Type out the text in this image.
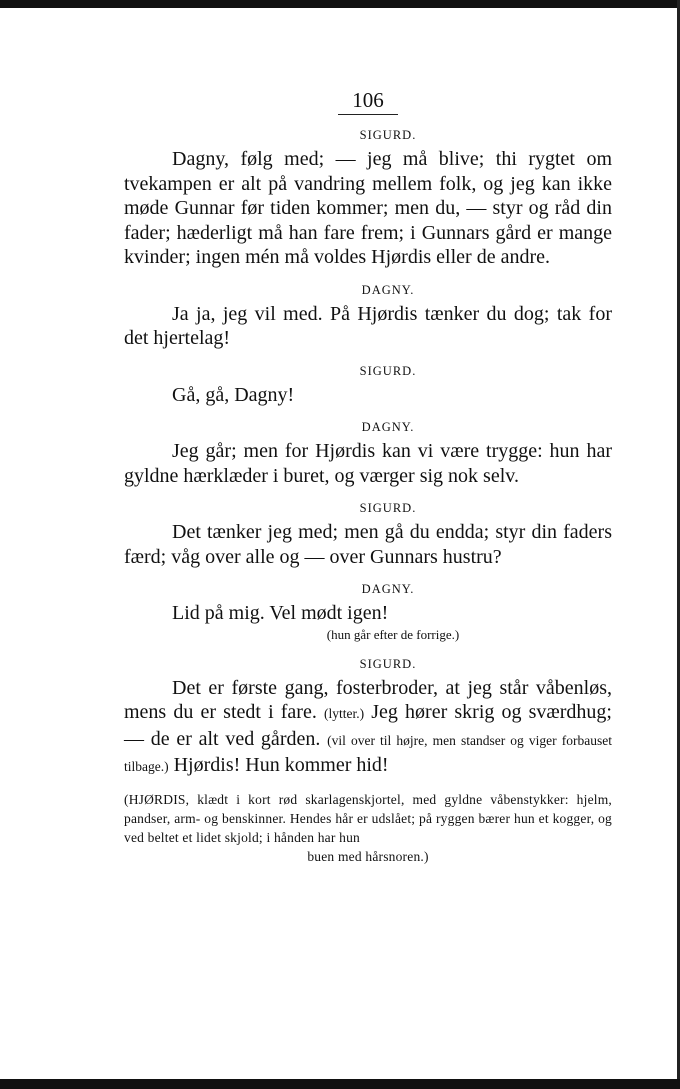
106
SIGURD.

Dagny, følg med; — jeg må blive; thi rygtet om tvekampen er alt på vandring mellem folk, og jeg kan ikke møde Gunnar før tiden kommer; men du, — styr og råd din fader; hæderligt må han fare frem; i Gunnars gård er mange kvinder; ingen mén må voldes Hjørdis eller de andre.

DAGNY.

Ja ja, jeg vil med. På Hjørdis tænker du dog; tak for det hjertelag!

SIGURD.

Gå, gå, Dagny!

DAGNY.

Jeg går; men for Hjørdis kan vi være trygge: hun har gyldne hærklæder i buret, og værger sig nok selv.

SIGURD.

Det tænker jeg med; men gå du endda; styr din faders færd; våg over alle og — over Gunnars hustru?

DAGNY.

Lid på mig. Vel mødt igen!

(hun går efter de forrige.)
SIGURD.

Det er første gang, fosterbroder, at jeg står våbenløs, mens du er stedt i fare. (lytter.) Jeg hører skrig og sværdhug; — de er alt ved gården. (vil over til højre, men standser og viger forbauset tilbage.) Hjørdis! Hun kommer hid!

(HJØRDIS, klædt i kort rød skarlagenskjortel, med gyldne våbenstykker: hjelm, pandser, arm- og benskinner. Hendes hår er udslået; på ryggen bærer hun et kogger, og ved beltet et lidet skjold; i hånden har hun
buen med hårsnoren.)
